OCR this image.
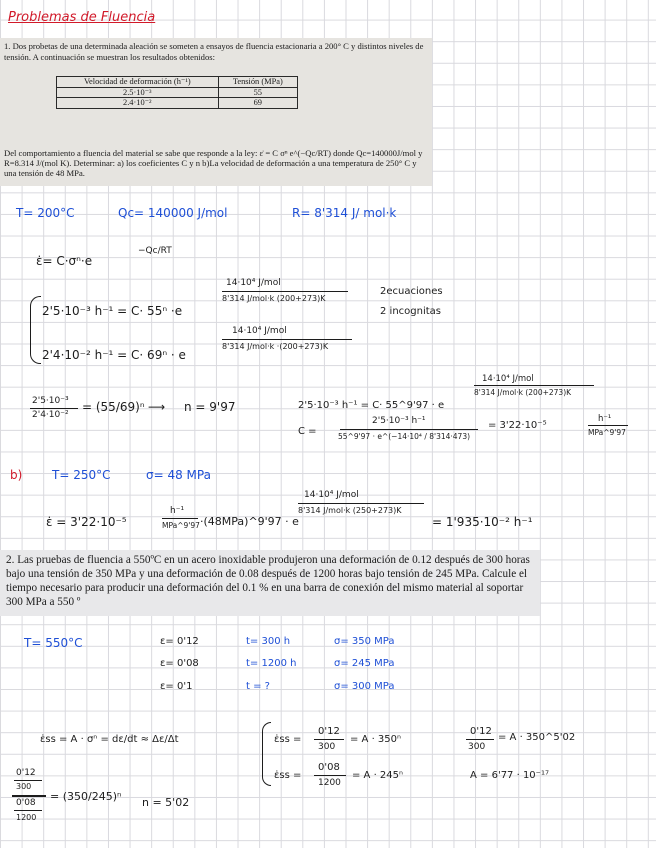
Problemas de Fluencia
1. Dos probetas de una determinada aleación se someten a ensayos de fluencia estacionaria a 200° C y distintos niveles de tensión. A continuación se muestran los resultados obtenidos:
Velocidad de deformación (h⁻¹)	Tensión (MPa)
2.5·10⁻³	55
2.4·10⁻²	69
Del comportamiento a fluencia del material se sabe que responde a la ley: ε̇ = C σⁿ e^(−Qc/RT) donde Qc=140000J/mol y R=8.314 J/(mol K). Determinar: a) los coeficientes C y n b)La velocidad de deformación a una temperatura de 250° C y una tensión de 48 MPa.
T= 200°C	Qc= 140000 J/mol	R= 8'314 J/ mol·k
ε̇= C·σⁿ·e
−Qc/RT
2'5·10⁻³ h⁻¹ = C· 55ⁿ ·e
14·10⁴ J/mol
8'314 J/mol·k (200+273)K
2'4·10⁻² h⁻¹ = C· 69ⁿ · e
14·10⁴ J/mol
8'314 J/mol·k ·(200+273)K
2ecuaciones
2 incognitas
2'5·10⁻³
2'4·10⁻²
= (55/69)ⁿ ⟶ n = 9'97	2'5·10⁻³ h⁻¹ = C· 55^9'97 · e
14·10⁴ J/mol
8'314 J/mol·k (200+273)K
C =
2'5·10⁻³ h⁻¹
55^9'97 · e^(−14·10⁴ / 8'314·473)
= 3'22·10⁻⁵
h⁻¹
MPa^9'97
b) T= 250°C	σ= 48 MPa
ε̇ = 3'22·10⁻⁵
h⁻¹
MPa^9'97 ·(48MPa)^9'97 · e
14·10⁴ J/mol
8'314 J/mol·k (250+273)K
= 1'935·10⁻² h⁻¹
2. Las pruebas de fluencia a 550ºC en un acero inoxidable produjeron una deformación de 0.12 después de 300 horas bajo una tensión de 350 MPa y una deformación de 0.08 después de 1200 horas bajo tensión de 245 MPa. Calcule el tiempo necesario para producir una deformación del 0.1 % en una barra de conexión del mismo material al soportar 300 MPa a 550 º
T= 550°C	ε= 0'12	t= 300 h	σ= 350 MPa
ε= 0'08	t= 1200 h	σ= 245 MPa
ε= 0'1	t = ?	σ= 300 MPa
ε̇ss = A · σⁿ = dε/dt ≈ Δε/Δt	ε̇ss =
0'12
300
= A · 350ⁿ
ε̇ss =
0'08
1200
= A · 245ⁿ
0'12
300
= A · 350^5'02
A = 6'77 · 10⁻¹⁷
0'12
300
0'08
1200
= (350/245)ⁿ n = 5'02
